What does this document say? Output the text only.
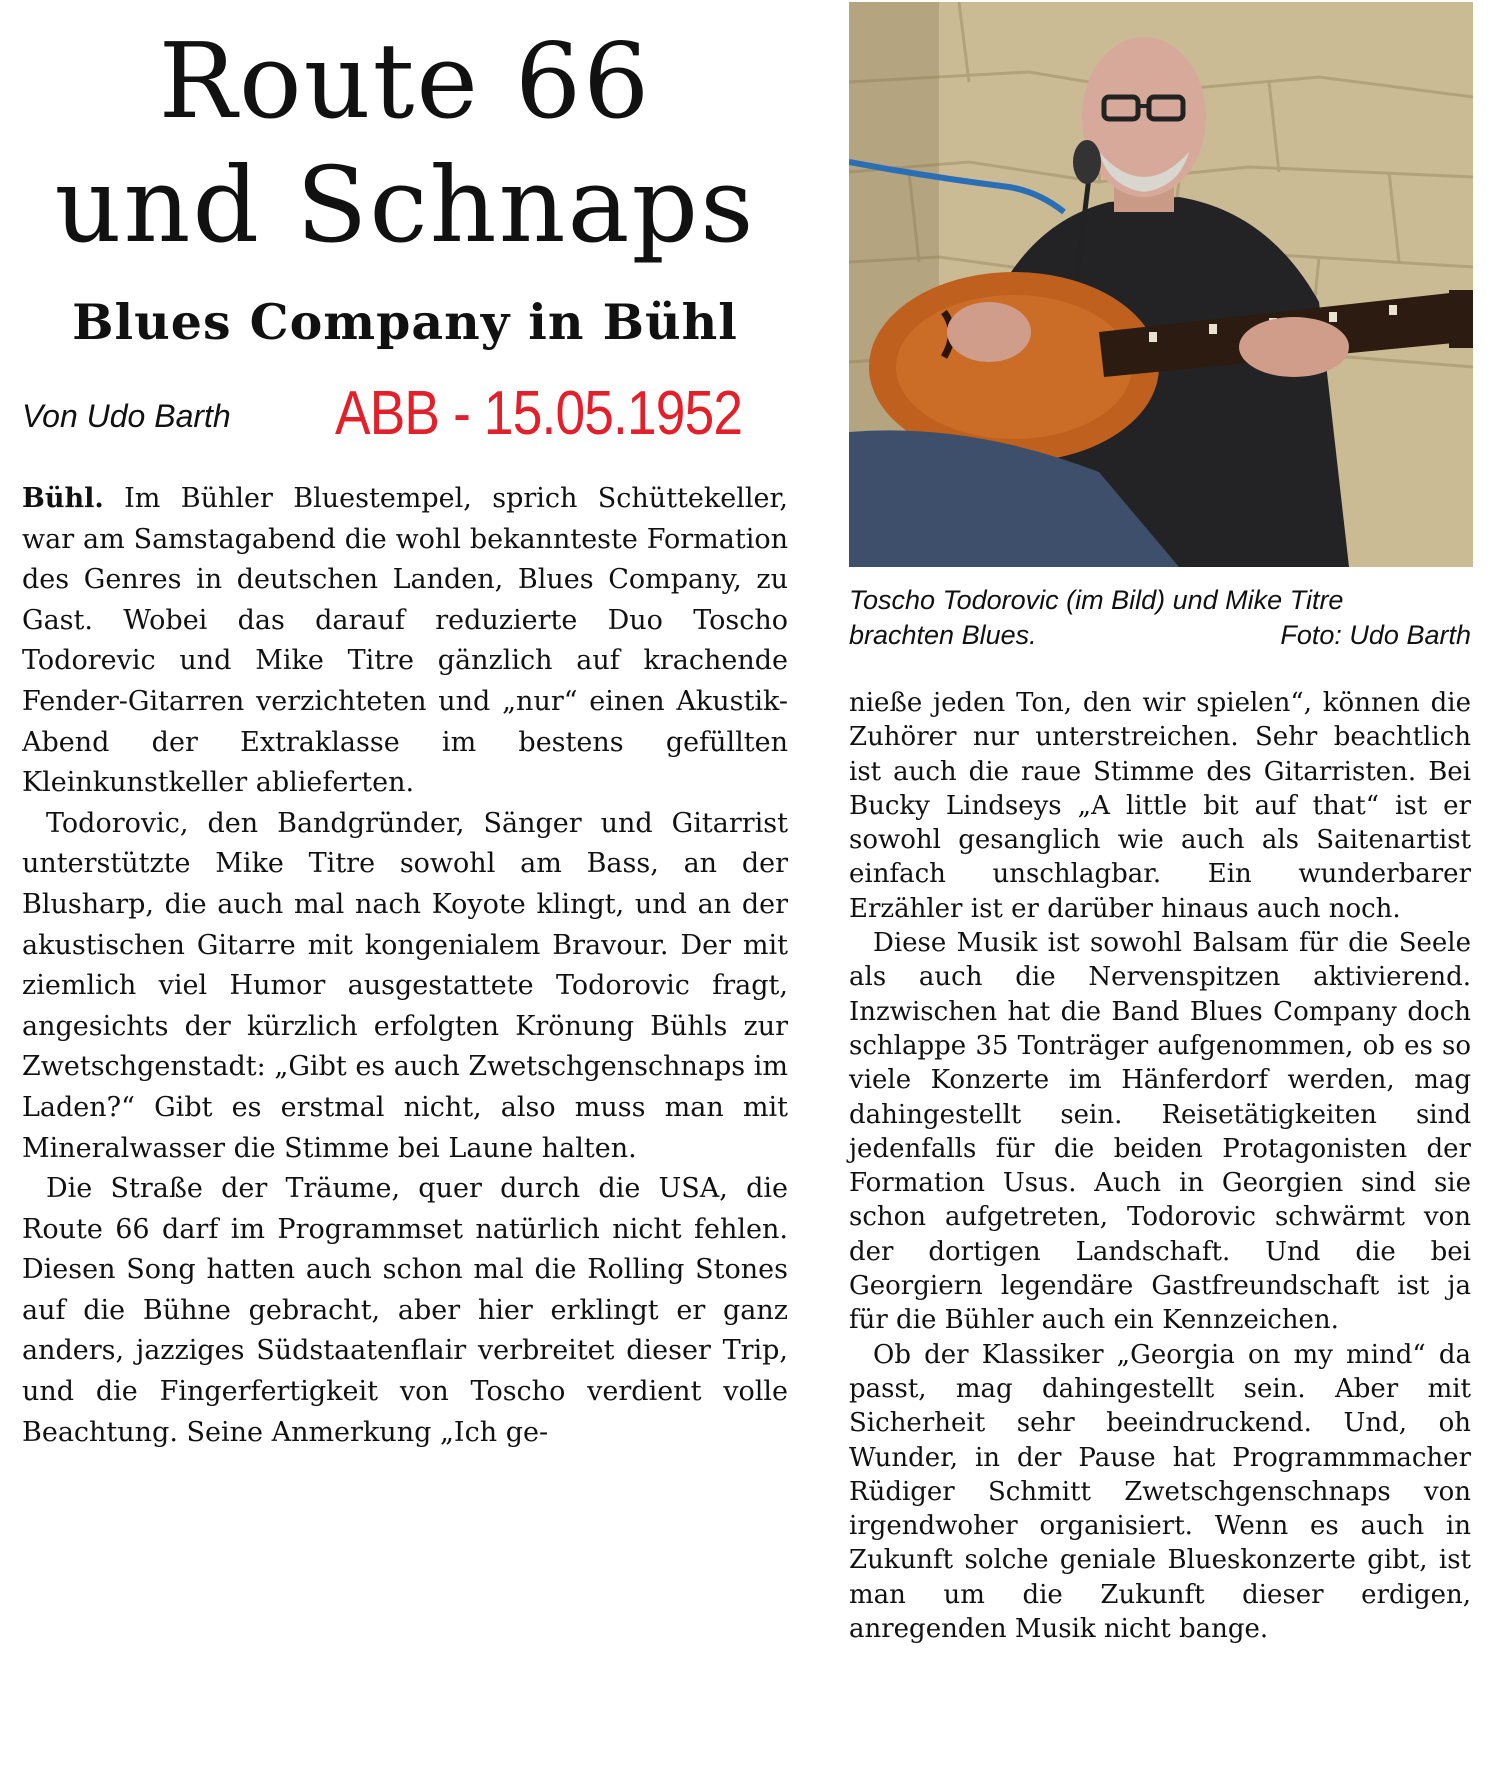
Route 66
und Schnaps
Blues Company in Bühl
Von Udo Barth ABB - 15.05.1952
Toscho Todorovic (im Bild) und Mike Titre
brachten Blues.	Foto: Udo Barth

Bühl. Im Bühler Bluestempel, sprich Schüttekeller, war am Samstagabend die wohl bekannteste Formation des Genres in deutschen Landen, Blues Company, zu Gast. Wobei das darauf reduzierte Duo Toscho Todorevic und Mike Titre gänzlich auf krachende Fender-Gitarren verzichteten und „nur“ einen Akustik-Abend der Extraklasse im bestens gefüllten Kleinkunstkeller ablieferten.

Todorovic, den Bandgründer, Sänger und Gitarrist unterstützte Mike Titre sowohl am Bass, an der Blusharp, die auch mal nach Koyote klingt, und an der akustischen Gitarre mit kongenialem Bravour. Der mit ziemlich viel Humor ausgestattete Todorovic fragt, angesichts der kürzlich erfolgten Krönung Bühls zur Zwetschgenstadt: „Gibt es auch Zwetschgenschnaps im Laden?“ Gibt es erstmal nicht, also muss man mit Mineralwasser die Stimme bei Laune halten.

Die Straße der Träume, quer durch die USA, die Route 66 darf im Programmset natürlich nicht fehlen. Diesen Song hatten auch schon mal die Rolling Stones auf die Bühne gebracht, aber hier erklingt er ganz anders, jazziges Südstaatenflair verbreitet dieser Trip, und die Fingerfertigkeit von Toscho verdient volle Beachtung. Seine Anmerkung „Ich ge-

nieße jeden Ton, den wir spielen“, können die Zuhörer nur unterstreichen. Sehr beachtlich ist auch die raue Stimme des Gitarristen. Bei Bucky Lindseys „A little bit auf that“ ist er sowohl gesanglich wie auch als Saitenartist einfach unschlagbar. Ein wunderbarer Erzähler ist er darüber hinaus auch noch.

Diese Musik ist sowohl Balsam für die Seele als auch die Nervenspitzen aktivierend. Inzwischen hat die Band Blues Company doch schlappe 35 Tonträger aufgenommen, ob es so viele Konzerte im Hänferdorf werden, mag dahingestellt sein. Reisetätigkeiten sind jedenfalls für die beiden Protagonisten der Formation Usus. Auch in Georgien sind sie schon aufgetreten, Todorovic schwärmt von der dortigen Landschaft. Und die bei Georgiern legendäre Gastfreundschaft ist ja für die Bühler auch ein Kennzeichen.

Ob der Klassiker „Georgia on my mind“ da passt, mag dahingestellt sein. Aber mit Sicherheit sehr beeindruckend. Und, oh Wunder, in der Pause hat Programmmacher Rüdiger Schmitt Zwetschgenschnaps von irgendwoher organisiert. Wenn es auch in Zukunft solche geniale Blueskonzerte gibt, ist man um die Zukunft dieser erdigen, anregenden Musik nicht bange.
